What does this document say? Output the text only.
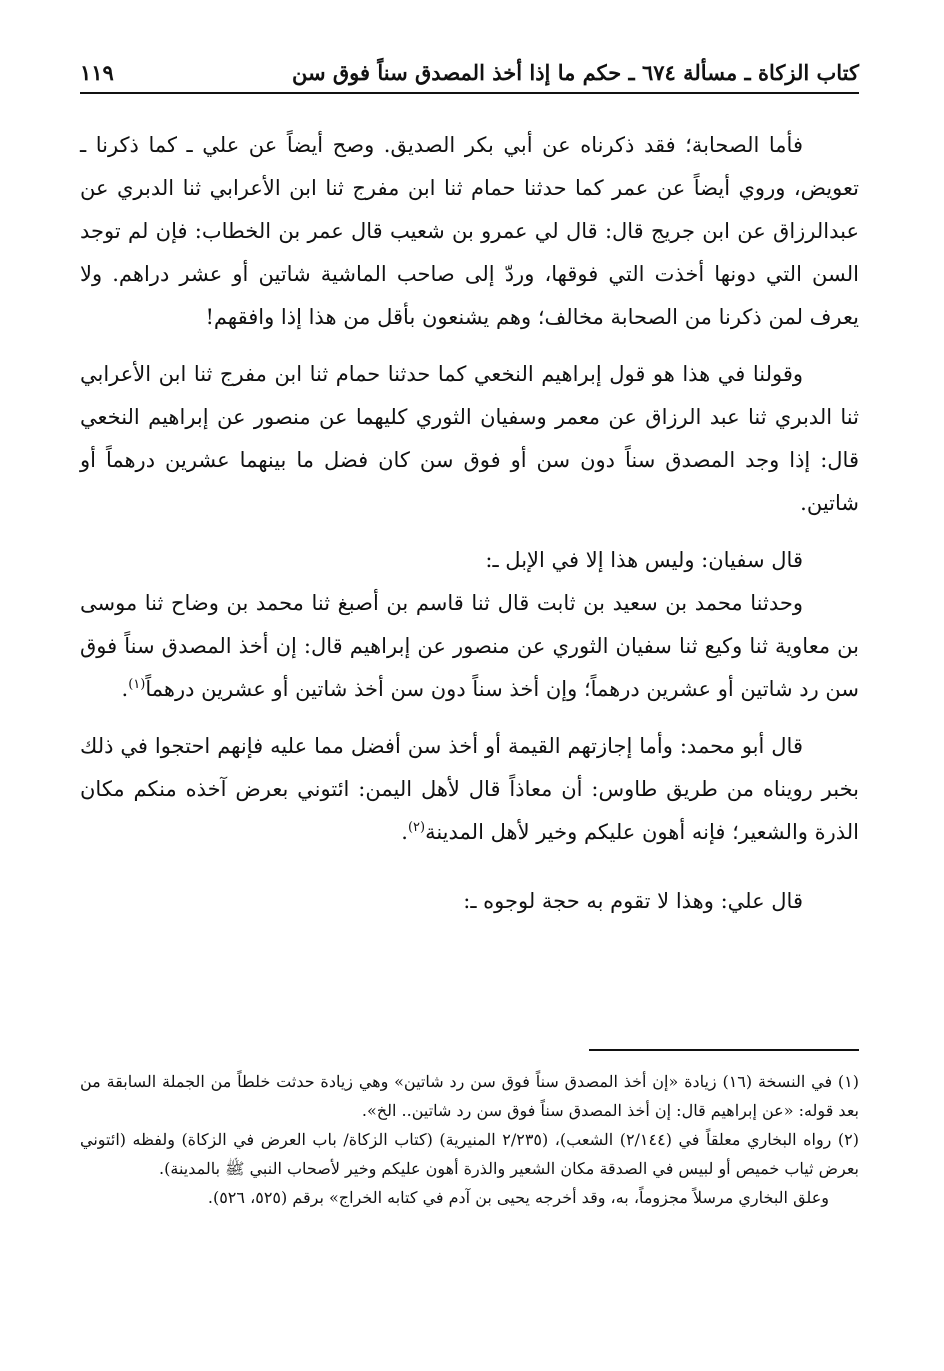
كتاب الزكاة ـ مسألة ٦٧٤ ـ حكم ما إذا أخذ المصدق سناً فوق سن
١١٩

فأما الصحابة؛ فقد ذكرناه عن أبي بكر الصديق. وصح أيضاً عن علي ـ كما ذكرنا ـ تعويض، وروي أيضاً عن عمر كما حدثنا حمام ثنا ابن مفرج ثنا ابن الأعرابي ثنا الدبري عن عبدالرزاق عن ابن جريج قال: قال لي عمرو بن شعيب قال عمر بن الخطاب: فإن لم توجد السن التي دونها أخذت التي فوقها، وردّ إلى صاحب الماشية شاتين أو عشر دراهم. ولا يعرف لمن ذكرنا من الصحابة مخالف؛ وهم يشنعون بأقل من هذا إذا وافقهم!

وقولنا في هذا هو قول إبراهيم النخعي كما حدثنا حمام ثنا ابن مفرج ثنا ابن الأعرابي ثنا الدبري ثنا عبد الرزاق عن معمر وسفيان الثوري كليهما عن منصور عن إبراهيم النخعي قال: إذا وجد المصدق سناً دون سن أو فوق سن كان فضل ما بينهما عشرين درهماً أو شاتين.

قال سفيان: وليس هذا إلا في الإبل ـ:

وحدثنا محمد بن سعيد بن ثابت قال ثنا قاسم بن أصبغ ثنا محمد بن وضاح ثنا موسى بن معاوية ثنا وكيع ثنا سفيان الثوري عن منصور عن إبراهيم قال: إن أخذ المصدق سناً فوق سن رد شاتين أو عشرين درهماً؛ وإن أخذ سناً دون سن أخذ شاتين أو عشرين درهماً$^{(١)}$.

قال أبو محمد: وأما إجازتهم القيمة أو أخذ سن أفضل مما عليه فإنهم احتجوا في ذلك بخبر رويناه من طريق طاوس: أن معاذاً قال لأهل اليمن: ائتوني بعرض آخذه منكم مكان الذرة والشعير؛ فإنه أهون عليكم وخير لأهل المدينة$^{(٢)}$.

قال علي: وهذا لا تقوم به حجة لوجوه ـ:

(١) في النسخة (١٦) زيادة «إن أخذ المصدق سناً فوق سن رد شاتين» وهي زيادة حدثت خلطاً من الجملة السابقة من بعد قوله: «عن إبراهيم قال: إن أخذ المصدق سناً فوق سن رد شاتين.. الخ».

(٢) رواه البخاري معلقاً في (٢/١٤٤) الشعب)، (٢/٢٣٥ المنيرية) (كتاب الزكاة/ باب العرض في الزكاة) ولفظه (ائتوني بعرض ثياب خميص أو لبيس في الصدقة مكان الشعير والذرة أهون عليكم وخير لأصحاب النبي ﷺ بالمدينة).

وعلق البخاري مرسلاً مجزوماً، به، وقد أخرجه يحيى بن آدم في كتابه الخراج» برقم (٥٢٥، ٥٢٦).
